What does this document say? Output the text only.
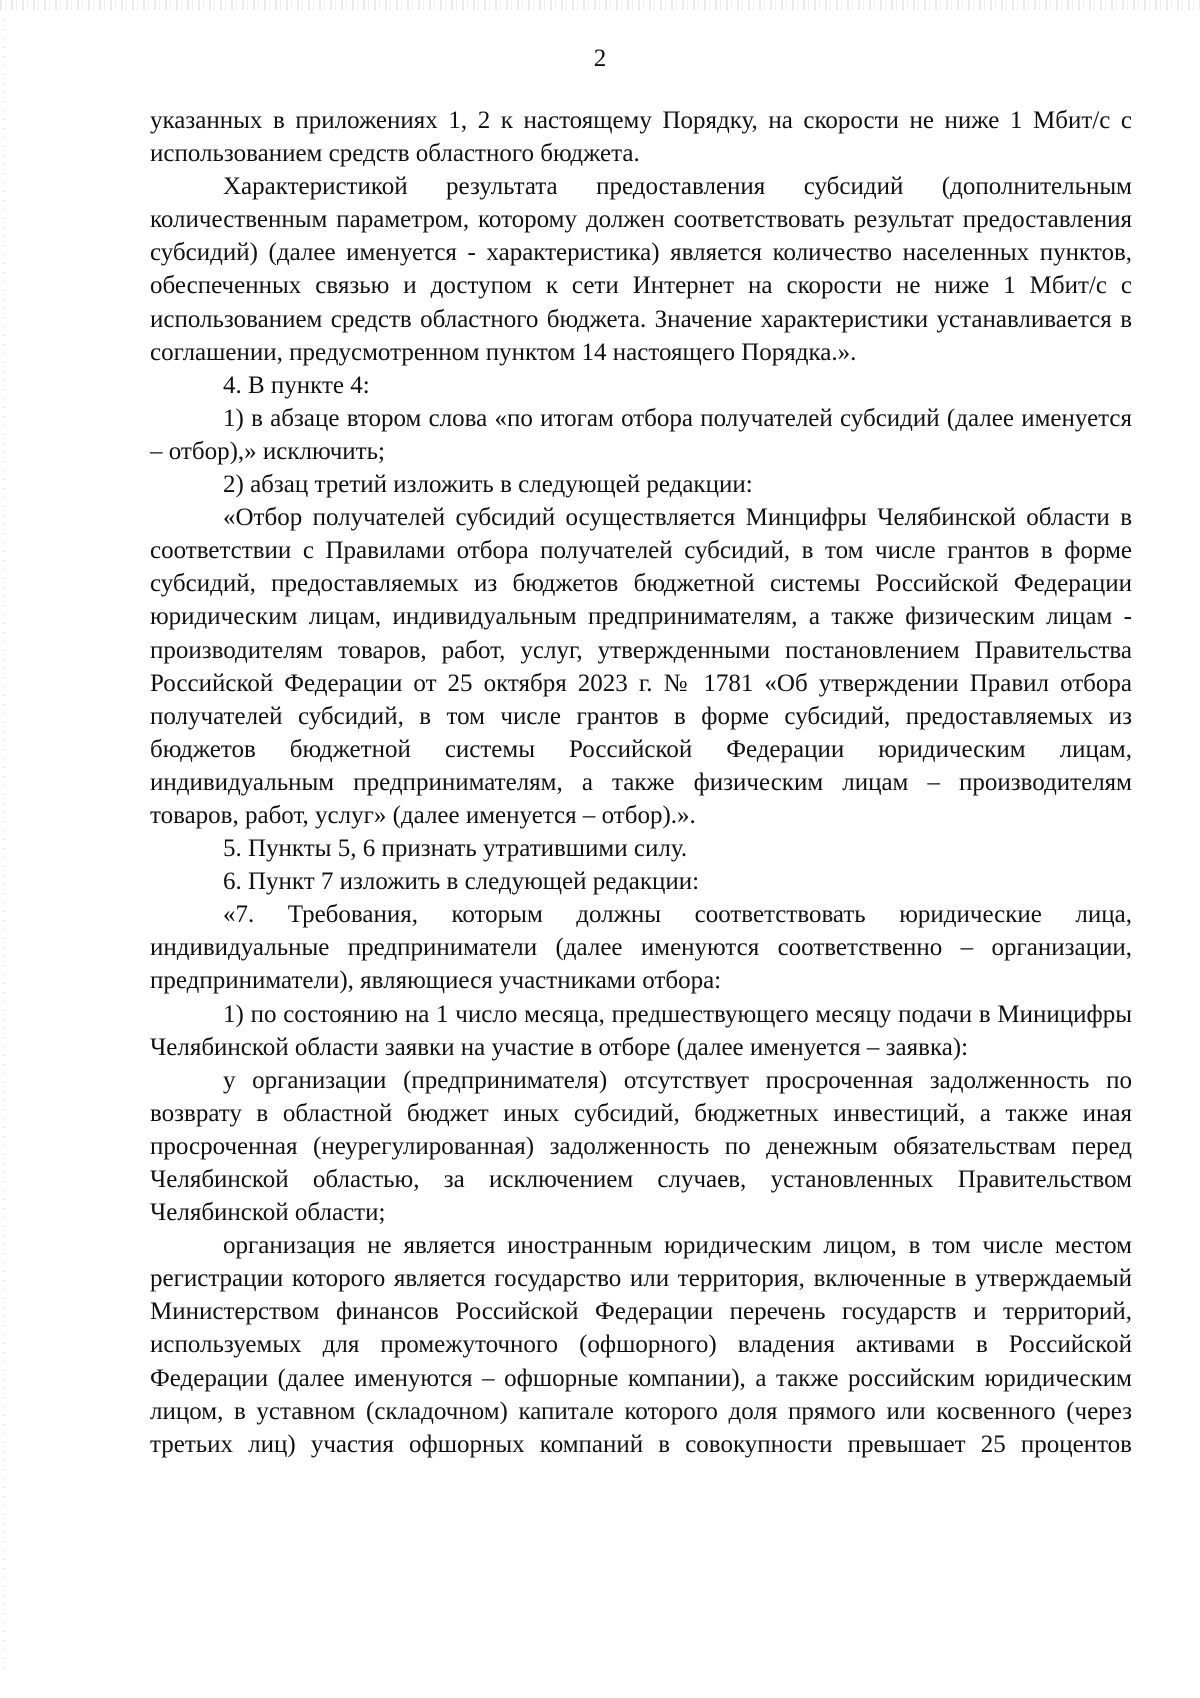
2

указанных в приложениях 1, 2 к настоящему Порядку, на скорости не ниже 1 Мбит/с с использованием средств областного бюджета.

Характеристикой результата предоставления субсидий (дополнительным количественным параметром, которому должен соответствовать результат предоставления субсидий) (далее именуется - характеристика) является количество населенных пунктов, обеспеченных связью и доступом к сети Интернет на скорости не ниже 1 Мбит/с с использованием средств областного бюджета. Значение характеристики устанавливается в соглашении, предусмотренном пунктом 14 настоящего Порядка.».

4. В пункте 4:

1) в абзаце втором слова «по итогам отбора получателей субсидий (далее именуется – отбор),» исключить;

2) абзац третий изложить в следующей редакции:

«Отбор получателей субсидий осуществляется Минцифры Челябинской области в соответствии с Правилами отбора получателей субсидий, в том числе грантов в форме субсидий, предоставляемых из бюджетов бюджетной системы Российской Федерации юридическим лицам, индивидуальным предпринимателям, а также физическим лицам - производителям товаров, работ, услуг, утвержденными постановлением Правительства Российской Федерации от 25 октября 2023 г. № 1781 «Об утверждении Правил отбора получателей субсидий, в том числе грантов в форме субсидий, предоставляемых из бюджетов бюджетной системы Российской Федерации юридическим лицам, индивидуальным предпринимателям, а также физическим лицам – производителям товаров, работ, услуг» (далее именуется – отбор).».

5. Пункты 5, 6 признать утратившими силу.

6. Пункт 7 изложить в следующей редакции:

«7. Требования, которым должны соответствовать юридические лица, индивидуальные предприниматели (далее именуются соответственно – организации, предприниматели), являющиеся участниками отбора:

1) по состоянию на 1 число месяца, предшествующего месяцу подачи в Миницифры Челябинской области заявки на участие в отборе (далее именуется – заявка):

у организации (предпринимателя) отсутствует просроченная задолженность по возврату в областной бюджет иных субсидий, бюджетных инвестиций, а также иная просроченная (неурегулированная) задолженность по денежным обязательствам перед Челябинской областью, за исключением случаев, установленных Правительством Челябинской области;

организация не является иностранным юридическим лицом, в том числе местом регистрации которого является государство или территория, включенные в утверждаемый Министерством финансов Российской Федерации перечень государств и территорий, используемых для промежуточного (офшорного) владения активами в Российской Федерации (далее именуются – офшорные компании), а также российским юридическим лицом, в уставном (складочном) капитале которого доля прямого или косвенного (через третьих лиц) участия офшорных компаний в совокупности превышает 25 процентов
